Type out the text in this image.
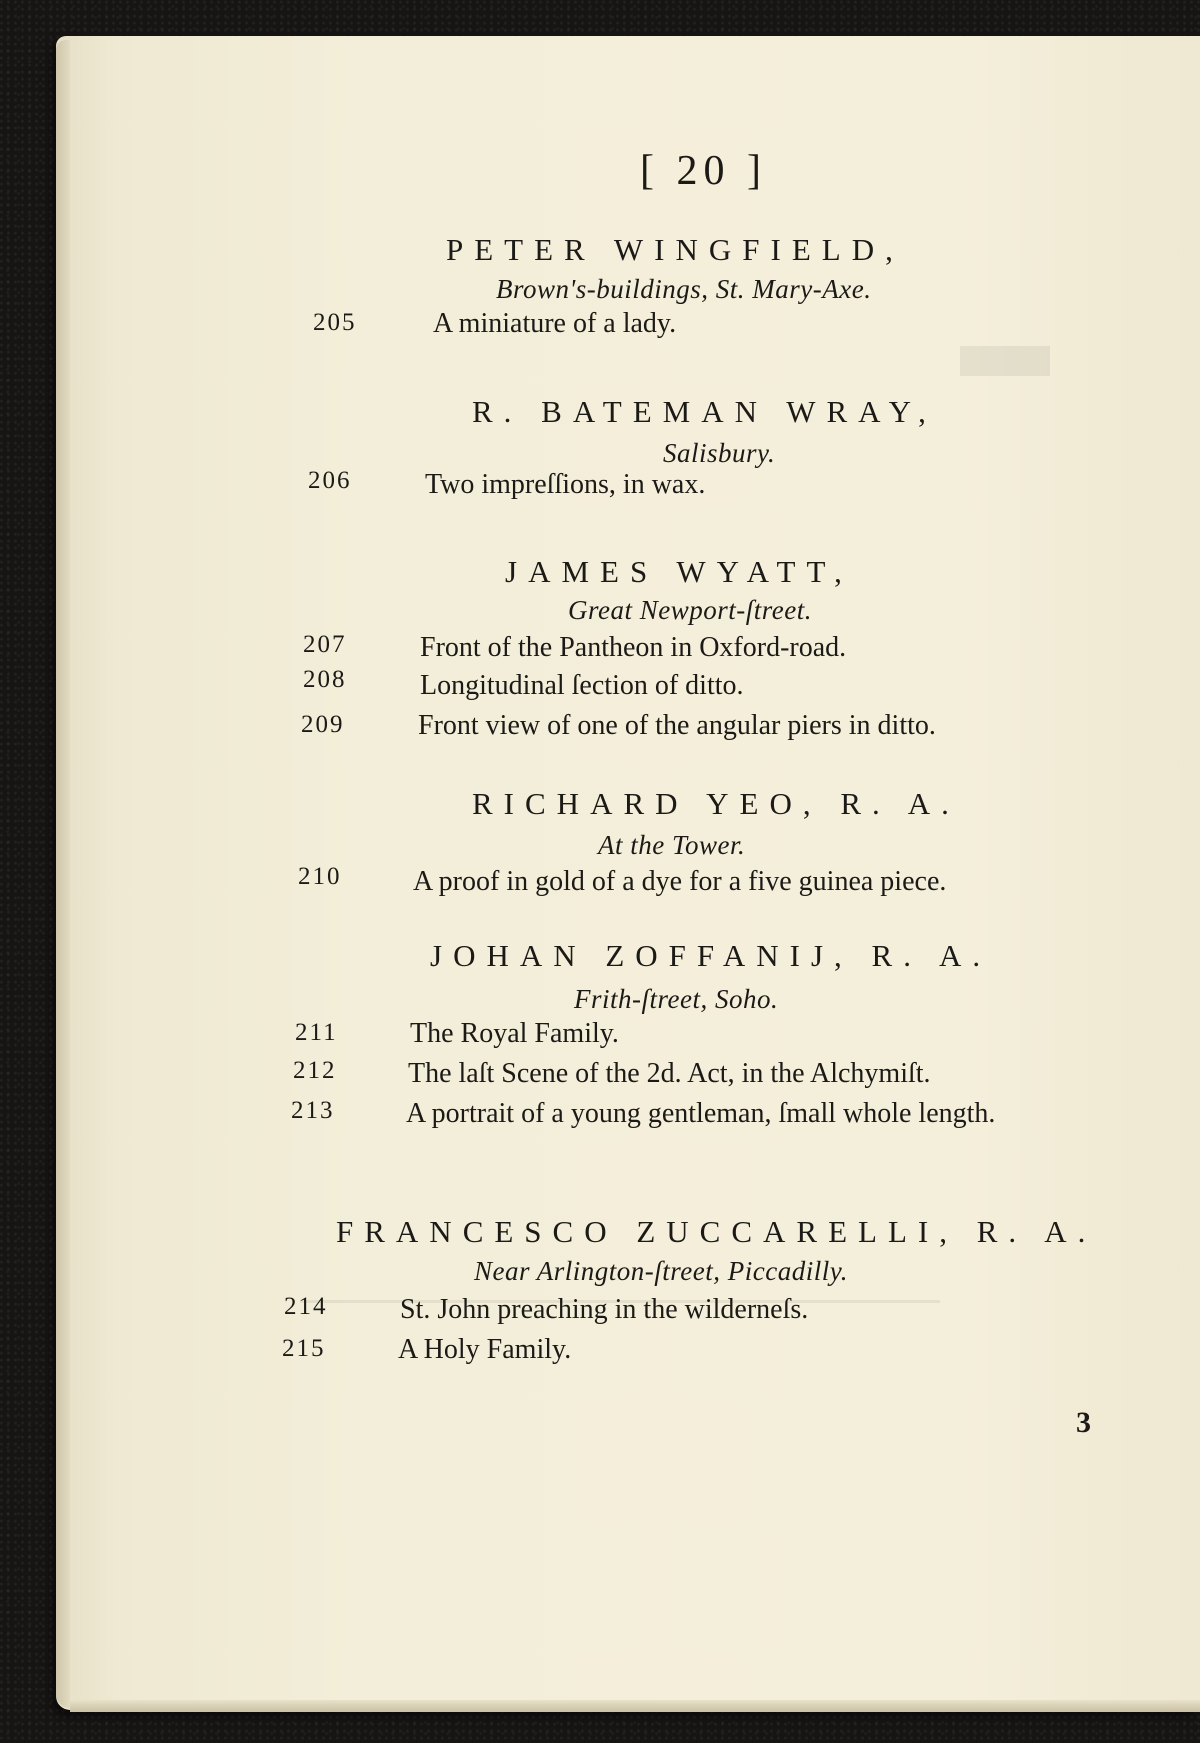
[ 20 ]
PETER WINGFIELD,
Brown's-buildings, St. Mary-Axe.
205	A miniature of a lady.
R. BATEMAN WRAY,
Salisbury.
206	Two impreſſions, in wax.
JAMES WYATT,
Great Newport-ſtreet.
207	Front of the Pantheon in Oxford-road.
208	Longitudinal ſection of ditto.
209	Front view of one of the angular piers in ditto.
RICHARD YEO, R. A.
At the Tower.
210	A proof in gold of a dye for a five guinea piece.
JOHAN ZOFFANIJ, R. A.
Frith-ſtreet, Soho.
211	The Royal Family.
212	The laſt Scene of the 2d. Act, in the Alchymiſt.
213	A portrait of a young gentleman, ſmall whole length.
FRANCESCO ZUCCARELLI, R. A.
Near Arlington-ſtreet, Piccadilly.
214	St. John preaching in the wilderneſs.
215	A Holy Family.
3
